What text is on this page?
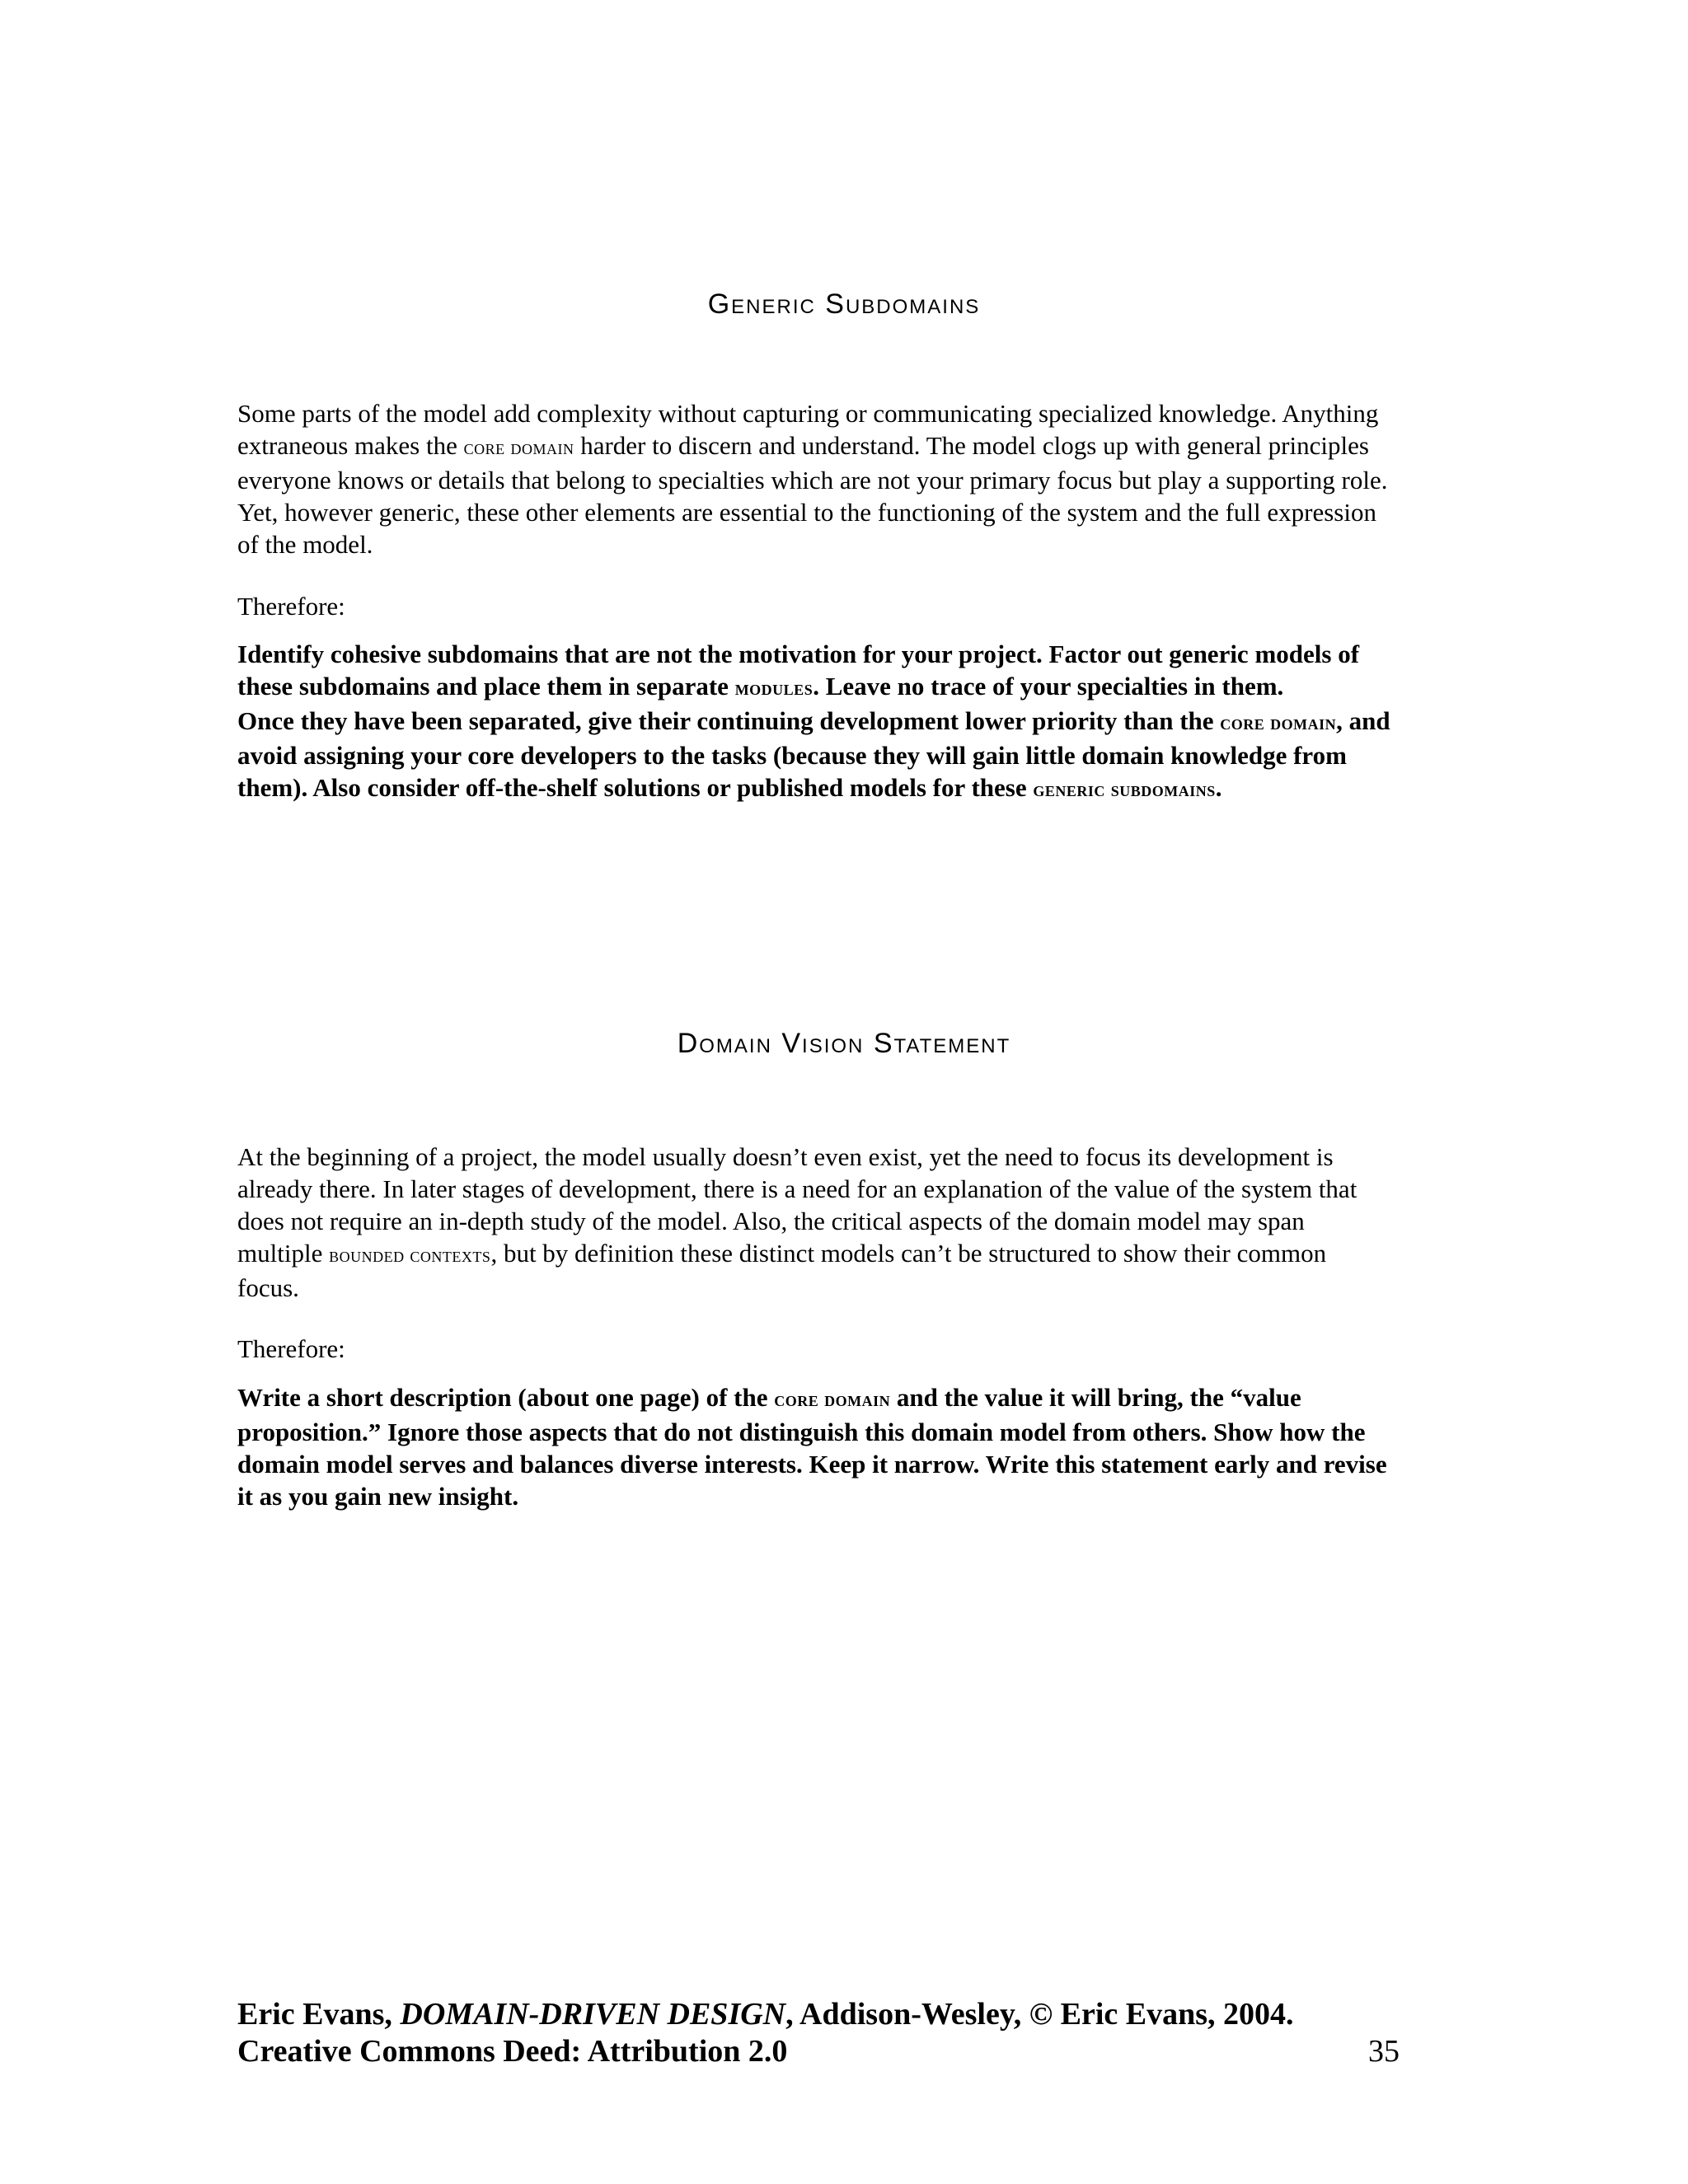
Generic Subdomains

Some parts of the model add complexity without capturing or communicating specialized knowledge. Anything extraneous makes the core domain harder to discern and understand. The model clogs up with general principles everyone knows or details that belong to specialties which are not your primary focus but play a supporting role. Yet, however generic, these other elements are essential to the functioning of the system and the full expression of the model.

Therefore:

Identify cohesive subdomains that are not the motivation for your project. Factor out generic models of these subdomains and place them in separate modules. Leave no trace of your specialties in them.
Once they have been separated, give their continuing development lower priority than the core domain, and avoid assigning your core developers to the tasks (because they will gain little domain knowledge from them). Also consider off-the-shelf solutions or published models for these generic subdomains.

Domain Vision Statement

At the beginning of a project, the model usually doesn’t even exist, yet the need to focus its development is already there. In later stages of development, there is a need for an explanation of the value of the system that does not require an in-depth study of the model. Also, the critical aspects of the domain model may span multiple bounded contexts, but by definition these distinct models can’t be structured to show their common focus.

Therefore:

Write a short description (about one page) of the core domain and the value it will bring, the “value proposition.” Ignore those aspects that do not distinguish this domain model from others. Show how the domain model serves and balances diverse interests. Keep it narrow. Write this statement early and revise it as you gain new insight.

Eric Evans, DOMAIN-DRIVEN DESIGN, Addison-Wesley, © Eric Evans, 2004.
Creative Commons Deed: Attribution 2.0	35
